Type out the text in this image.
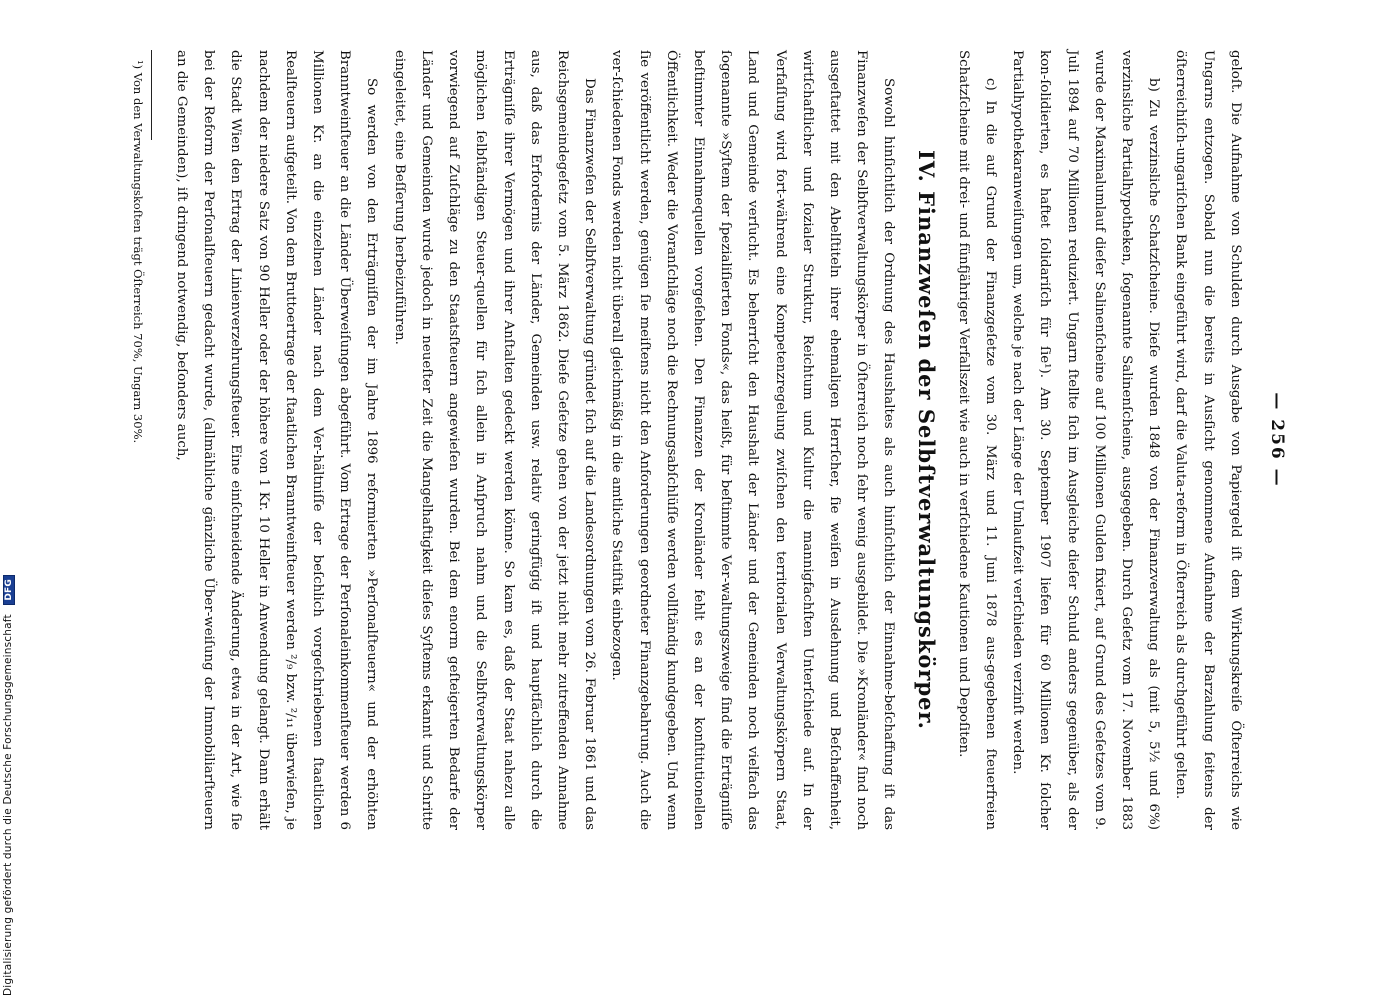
— 256 —

geloſt. Die Aufnahme von Schulden durch Ausgabe von Papiergeld iſt dem Wirkungskreiſe Öſterreichs wie Ungarns entzogen. Sobald nun die bereits in Ausſicht genommene Aufnahme der Barzahlung ſeitens der öſterreichiſch‑ungariſchen Bank eingeführt wird, darf die Valuta‑reform in Öſterreich als durchgeführt gelten.

b) Zu verzinsliche Schatzſcheine. Dieſe wurden 1848 von der Finanzverwaltung als (mit 5, 5½ und 6%) verzinsliche Partialhypotheken, ſogenannte Salinenſcheine, ausgegeben. Durch Geſetz vom 17. November 1883 wurde der Maximalumlauf dieſer Salinenſcheine auf 100 Millionen Gulden fixiert, auf Grund des Geſetzes vom 9. Juli 1894 auf 70 Millionen reduziert. Ungarn ſtellte ſich im Ausgleiche dieſer Schuld anders gegenüber, als der kon‑ſolidierten, es haftet ſolidariſch für ſie¹). Am 30. September 1907 liefen für 60 Millionen Kr. ſolcher Partialhypothekaranweiſungen um, welche je nach der Länge der Umlaufzeit verſchieden verzinſt werden.

c) In die auf Grund der Finanzgeſetze vom 30. März und 11. Juni 1878 aus‑gegebenen ſteuerfreien Schatzſcheine mit drei‑ und fünfjähriger Verfallszeit wie auch in verſchiedene Kautionen und Depoſiten.

IV. Finanzweſen der Selbſtverwaltungskörper.

Sowohl hinſichtlich der Ordnung des Haushaltes als auch hinſichtlich der Einnahme‑beſchaffung iſt das Finanzweſen der Selbſtverwaltungskörper in Öſterreich noch ſehr wenig ausgebildet. Die »Kronländer« ſind noch ausgeſtattet mit den Abelſtiteln ihrer ehemaligen Herrſcher, ſie weiſen in Ausdehnung und Beſchaffenheit, wirtſchaftlicher und ſozialer Struktur, Reichtum und Kultur die mannigfachſten Unterſchiede auf. In der Verfaſſung wird fort‑während eine Kompetenzregelung zwiſchen den territorialen Verwaltungskörpern Staat, Land und Gemeinde verſucht. Es beherrſcht den Haushalt der Länder und der Gemeinden noch vielfach das ſogenannte »Syſtem der ſpezialiſierten Fonds«, das heißt, für beſtimmte Ver‑waltungszweige ſind die Erträgniſſe beſtimmter Einnahmequellen vorgeſehen. Den Finanzen der Kronländer fehlt es an der konſtitutionellen Öffentlichkeit. Weder die Voranſchläge noch die Rechnungsabſchlüſſe werden vollſtändig kundgegeben. Und wenn ſie veröffentlicht werden, genügen ſie meiſtens nicht den Anforderungen geordneter Finanzgebahrung. Auch die ver‑ſchiedenen Fonds werden nicht überall gleichmäßig in die amtliche Statiſtik einbezogen.

Das Finanzweſen der Selbſtverwaltung gründet ſich auf die Landesordnungen vom 26. Februar 1861 und das Reichsgemeindegeſetz vom 5. März 1862. Dieſe Geſetze gehen von der jetzt nicht mehr zutreffenden Annahme aus, daß das Erfordernis der Länder, Gemeinden usw. relativ geringfügig iſt und hauptſächlich durch die Erträgniſſe ihrer Vermögen und ihrer Anſtalten gedeckt werden könne. So kam es, daß der Staat nahezu alle möglichen ſelbſtändigen Steuer‑quellen für ſich allein in Anſpruch nahm und die Selbſtverwaltungskörper vorwiegend auf Zuſchläge zu den Staatsſteuern angewieſen wurden. Bei dem enorm geſteigerten Bedarfe der Länder und Gemeinden wurde jedoch in neueſter Zeit die Mangelhaftigkeit dieſes Syſtems erkannt und Schritte eingeleitet, eine Beſſerung herbeizuführen.

So werden von den Erträgniſſen der im Jahre 1896 reformierten »Perſonalſteuern« und der erhöhten Branntweinſteuer an die Länder Überweiſungen abgeführt. Vom Ertrage der Perſonaleinkommenſteuer werden 6 Millionen Kr. an die einzelnen Länder nach dem Ver‑hältniſſe der beſchlich vorgeſchriebenen ſtaatlichen Realſteuern aufgeteilt. Von dem Bruttoertrage der ſtaatlichen Branntweinſteuer werden ²/₉ bzw. ²/₁₁ überwieſen, je nachdem der niedere Satz von 90 Heller oder der höhere von 1 Kr. 10 Heller in Anwendung gelangt. Dann erhält die Stadt Wien den Ertrag der Linienverzehrungsſteuer. Eine einſchneidende Änderung, etwa in der Art, wie ſie bei der Reform der Perſonalſteuern gedacht wurde, (allmähliche gänzliche Über‑weiſung der Immobiliarſteuern an die Gemeinden), iſt dringend notwendig, beſonders auch,

¹) Von den Verwaltungskoſten trägt Öſterreich 70%, Ungarn 30%.

Digitalisierung gefördert durch die Deutsche Forschungsgemeinschaft DFG
